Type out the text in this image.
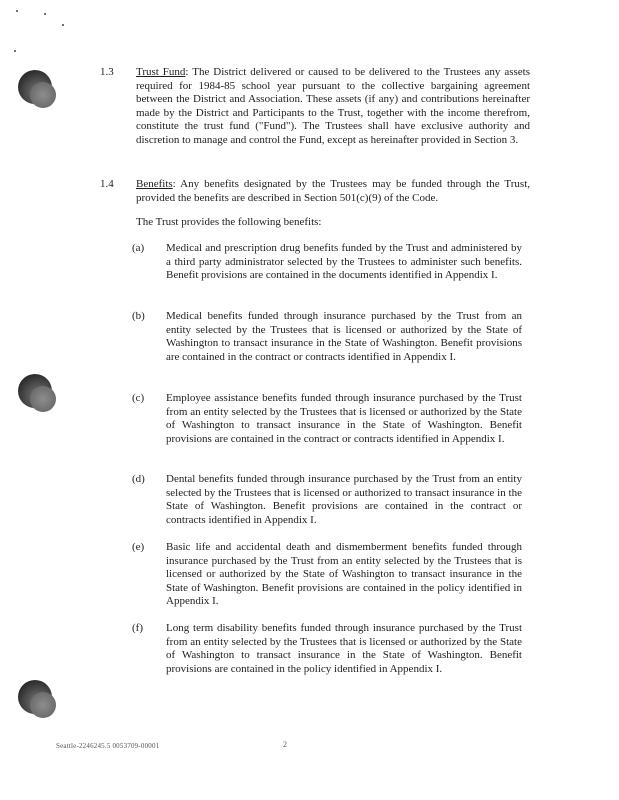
1.3 Trust Fund: The District delivered or caused to be delivered to the Trustees any assets required for 1984-85 school year pursuant to the collective bargaining agreement between the District and Association. These assets (if any) and contributions hereinafter made by the District and Participants to the Trust, together with the income therefrom, constitute the trust fund ("Fund"). The Trustees shall have exclusive authority and discretion to manage and control the Fund, except as hereinafter provided in Section 3.
1.4 Benefits: Any benefits designated by the Trustees may be funded through the Trust, provided the benefits are described in Section 501(c)(9) of the Code.
The Trust provides the following benefits:
(a) Medical and prescription drug benefits funded by the Trust and administered by a third party administrator selected by the Trustees to administer such benefits. Benefit provisions are contained in the documents identified in Appendix I.
(b) Medical benefits funded through insurance purchased by the Trust from an entity selected by the Trustees that is licensed or authorized by the State of Washington to transact insurance in the State of Washington. Benefit provisions are contained in the contract or contracts identified in Appendix I.
(c) Employee assistance benefits funded through insurance purchased by the Trust from an entity selected by the Trustees that is licensed or authorized by the State of Washington to transact insurance in the State of Washington. Benefit provisions are contained in the contract or contracts identified in Appendix I.
(d) Dental benefits funded through insurance purchased by the Trust from an entity selected by the Trustees that is licensed or authorized to transact insurance in the State of Washington. Benefit provisions are contained in the contract or contracts identified in Appendix I.
(e) Basic life and accidental death and dismemberment benefits funded through insurance purchased by the Trust from an entity selected by the Trustees that is licensed or authorized by the State of Washington to transact insurance in the State of Washington. Benefit provisions are contained in the policy identified in Appendix I.
(f) Long term disability benefits funded through insurance purchased by the Trust from an entity selected by the Trustees that is licensed or authorized by the State of Washington to transact insurance in the State of Washington. Benefit provisions are contained in the policy identified in Appendix I.
Seattle-2246245.5 0053709-00001	2
